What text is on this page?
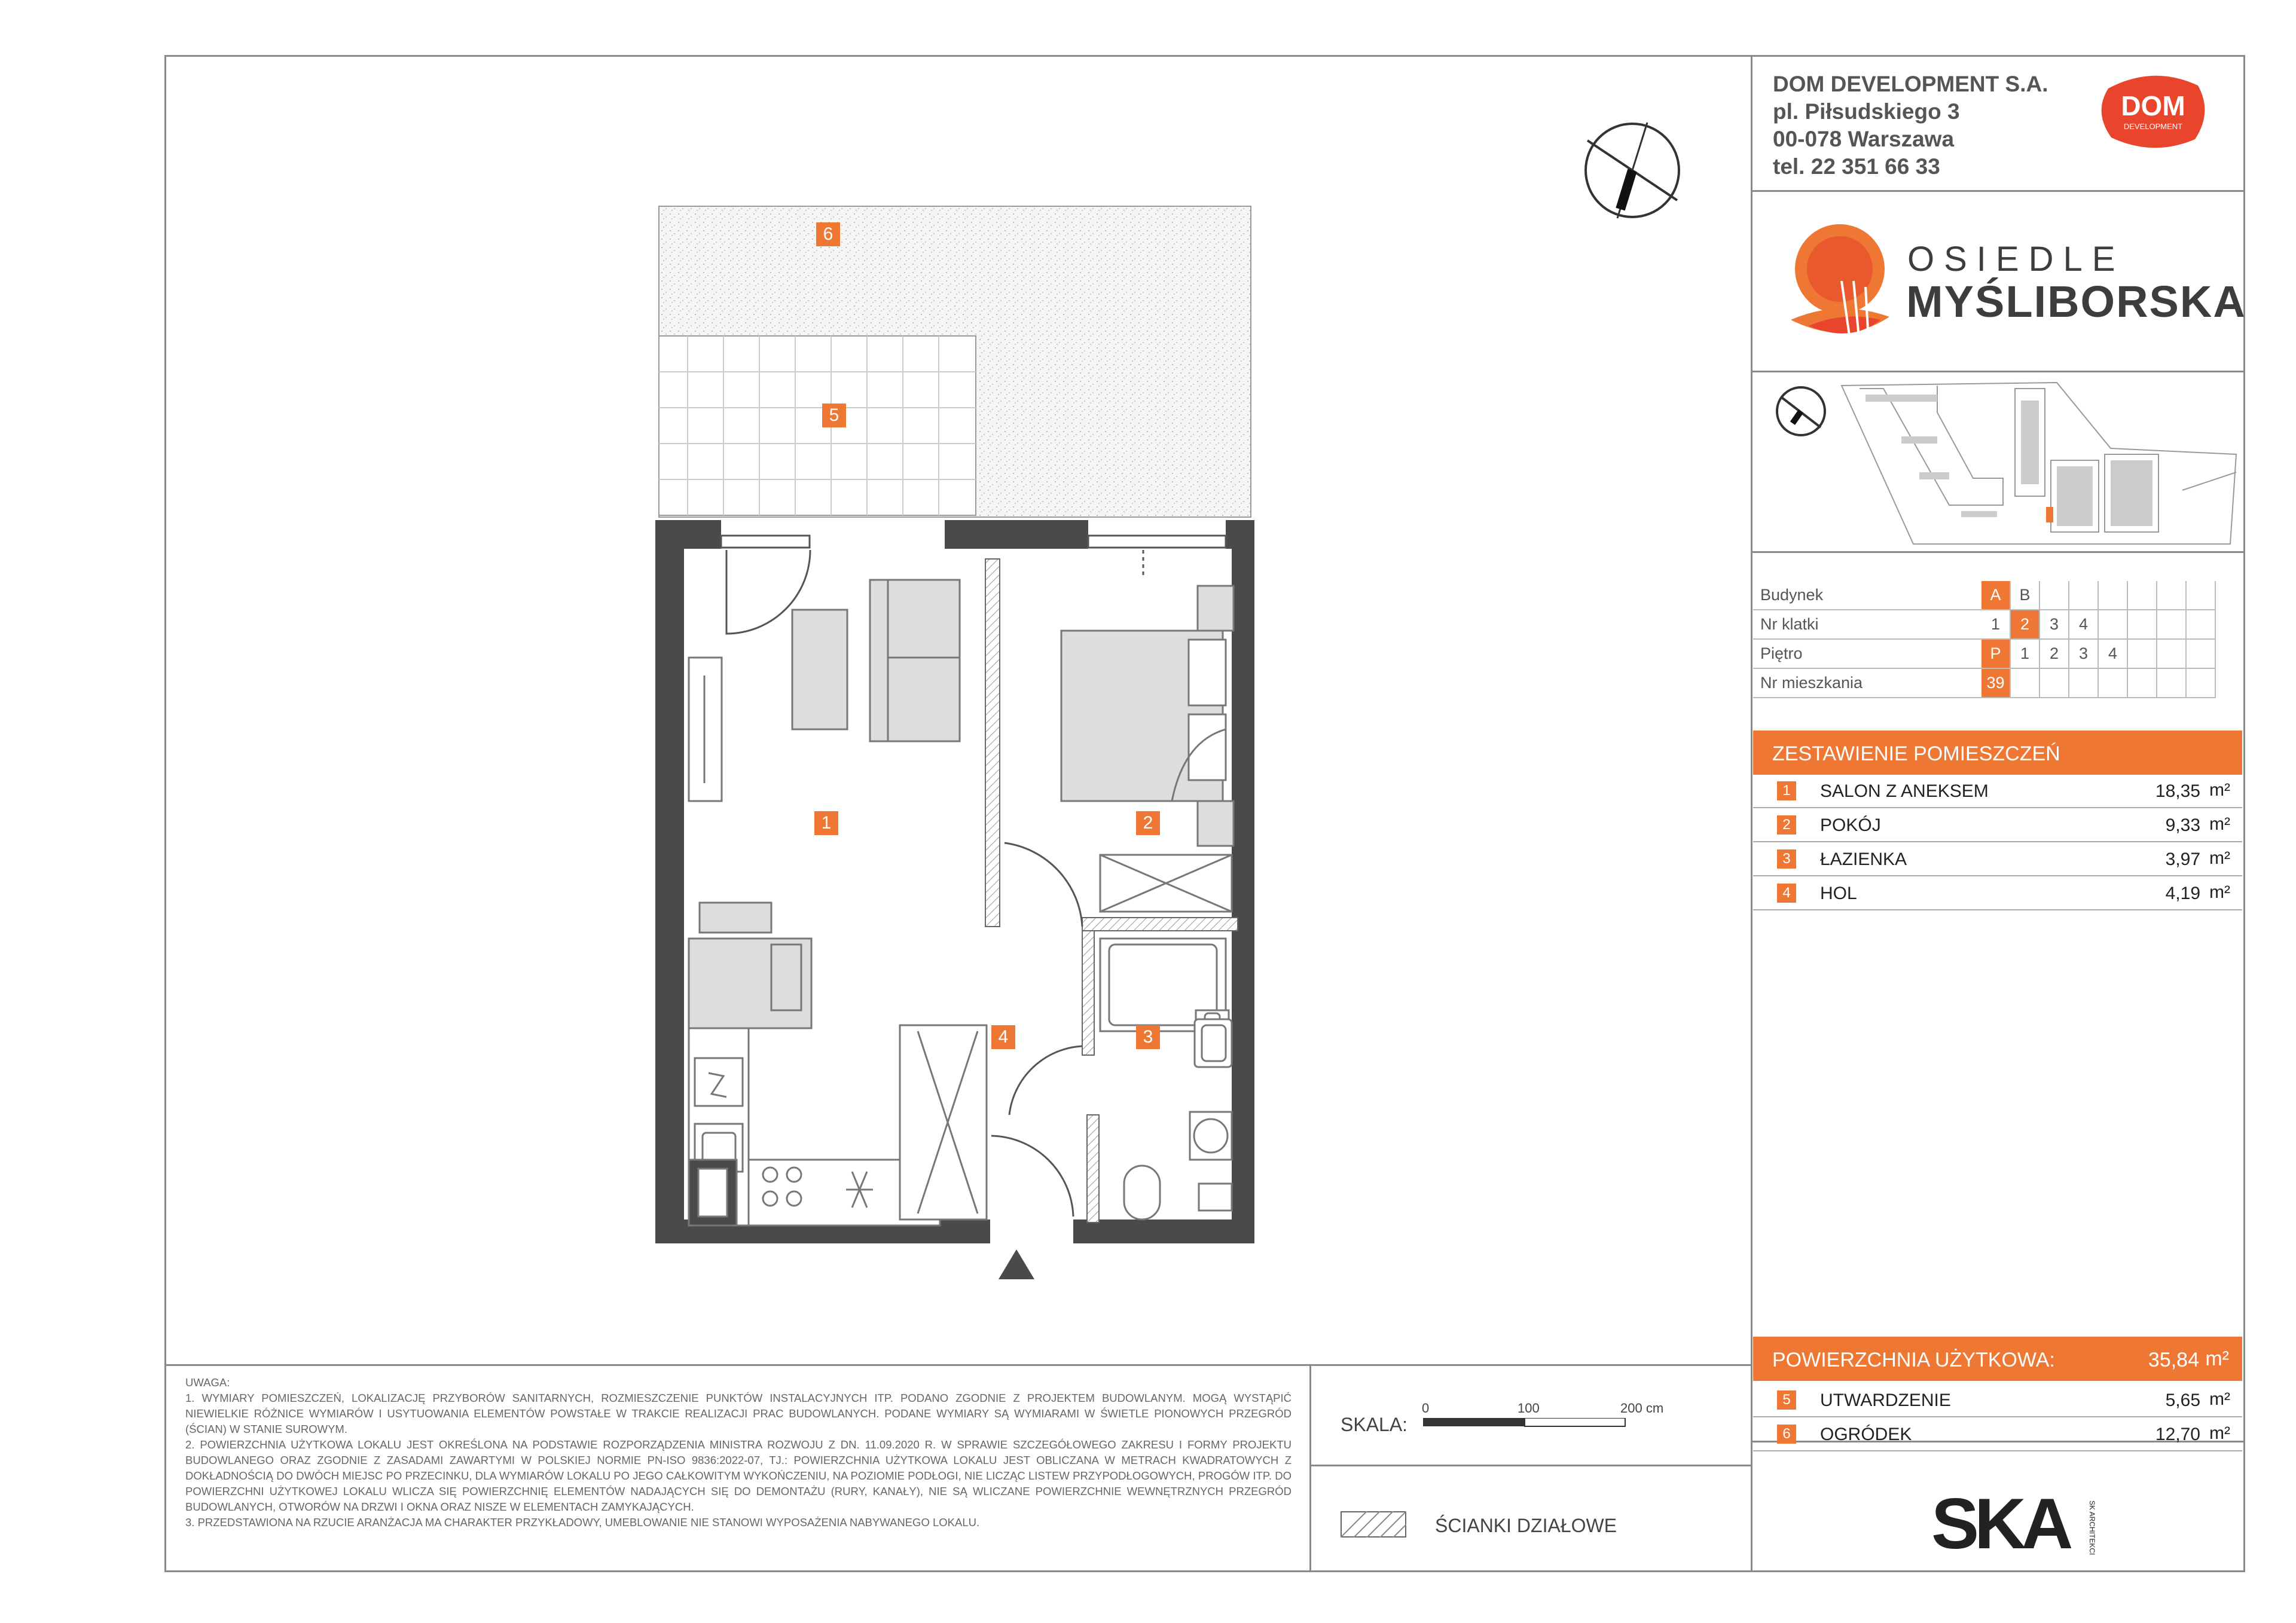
DOM DEVELOPMENT S.A.
pl. Piłsudskiego 3
00-078 Warszawa
tel. 22 351 66 33
DOM
DEVELOPMENT
OSIEDLE
MYŚLIBORSKA
Budynek	A	B						
Nr klatki	1	2	3	4				
Piętro	P	1	2	3	4			
Nr mieszkania	39							
ZESTAWIENIE POMIESZCZEŃ
1	SALON Z ANEKSEM	18,35 m²
2	POKÓJ	9,33 m²
3	ŁAZIENKA	3,97 m²
4	HOL	4,19 m²
POWIERZCHNIA UŻYTKOWA:	35,84 m²
5	UTWARDZENIE	5,65 m²
6	OGRÓDEK	12,70 m²
SKA	SK ARCHITEKCI
SKALA:
0	100	200 cm
ŚCIANKI DZIAŁOWE

UWAGA:

1. WYMIARY POMIESZCZEŃ, LOKALIZACJĘ PRZYBORÓW SANITARNYCH, ROZMIESZCZENIE PUNKTÓW INSTALACYJNYCH ITP. PODANO ZGODNIE Z PROJEKTEM BUDOWLANYM. MOGĄ WYSTĄPIĆ NIEWIELKIE RÓŻNICE WYMIARÓW I USYTUOWANIA ELEMENTÓW POWSTAŁE W TRAKCIE REALIZACJI PRAC BUDOWLANYCH. PODANE WYMIARY SĄ WYMIARAMI W ŚWIETLE PIONOWYCH PRZEGRÓD (ŚCIAN) W STANIE SUROWYM.

2. POWIERZCHNIA UŻYTKOWA LOKALU JEST OKREŚLONA NA PODSTAWIE ROZPORZĄDZENIA MINISTRA ROZWOJU Z DN. 11.09.2020 R. W SPRAWIE SZCZEGÓŁOWEGO ZAKRESU I FORMY PROJEKTU BUDOWLANEGO ORAZ ZGODNIE Z ZASADAMI ZAWARTYMI W POLSKIEJ NORMIE PN-ISO 9836:2022-07, TJ.: POWIERZCHNIA UŻYTKOWA LOKALU JEST OBLICZANA W METRACH KWADRATOWYCH Z DOKŁADNOŚCIĄ DO DWÓCH MIEJSC PO PRZECINKU, DLA WYMIARÓW LOKALU PO JEGO CAŁKOWITYM WYKOŃCZENIU, NA POZIOMIE PODŁOGI, NIE LICZĄC LISTEW PRZYPODŁOGOWYCH, PROGÓW ITP. DO POWIERZCHNI UŻYTKOWEJ LOKALU WLICZA SIĘ POWIERZCHNIĘ ELEMENTÓW NADAJĄCYCH SIĘ DO DEMONTAŻU (RURY, KANAŁY), NIE SĄ WLICZANE POWIERZCHNIE WEWNĘTRZNYCH PRZEGRÓD BUDOWLANYCH, OTWORÓW NA DRZWI I OKNA ORAZ NISZE W ELEMENTACH ZAMYKAJĄCYCH.

3. PRZEDSTAWIONA NA RZUCIE ARANŻACJA MA CHARAKTER PRZYKŁADOWY, UMEBLOWANIE NIE STANOWI WYPOSAŻENIA NABYWANEGO LOKALU.

1	2
3
4
5
6
